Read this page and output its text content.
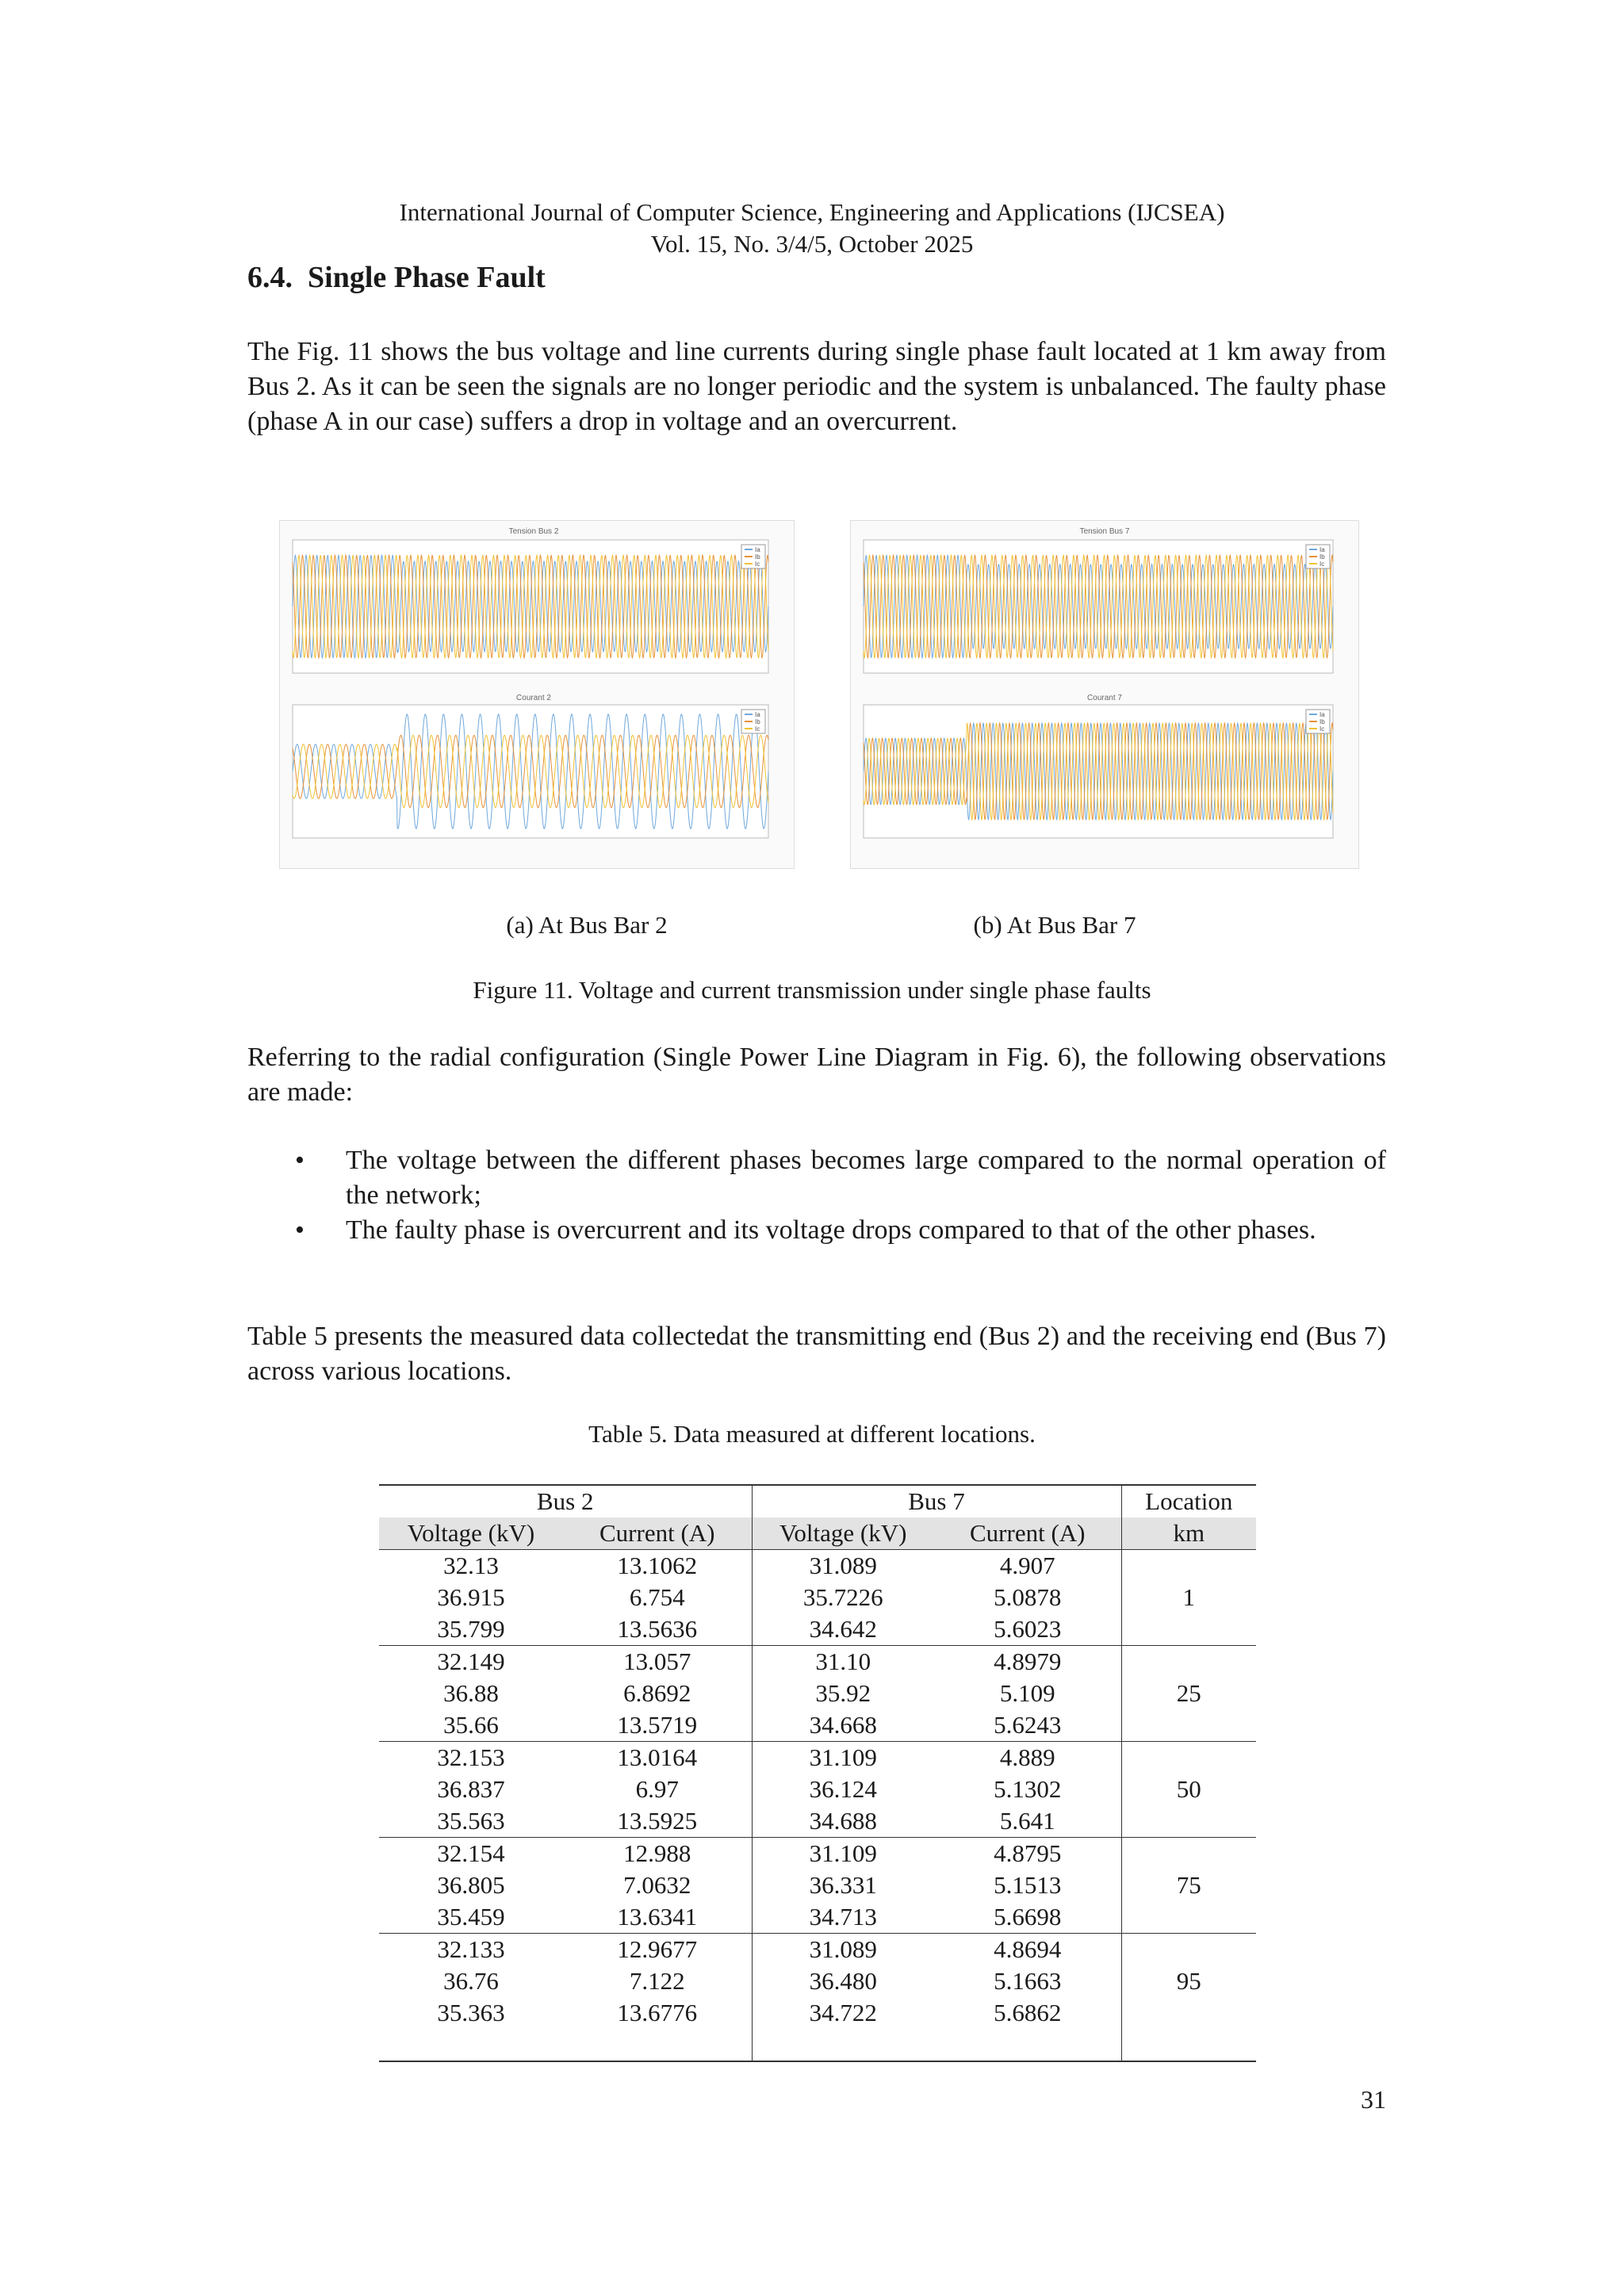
International Journal of Computer Science, Engineering and Applications (IJCSEA)
Vol. 15, No. 3/4/5, October 2025
6.4. Single Phase Fault

The Fig. 11 shows the bus voltage and line currents during single phase fault located at 1 km away from Bus 2. As it can be seen the signals are no longer periodic and the system is unbalanced. The faulty phase (phase A in our case) suffers a drop in voltage and an overcurrent.

Tension Bus 2
Ia
Ib
Ic
Courant 2
Ia
Ib
Ic
Tension Bus 7
Ia
Ib
Ic
Courant 7
Ia
Ib
Ic
(a) At Bus Bar 2	(b) At Bus Bar 7
Figure 11. Voltage and current transmission under single phase faults

Referring to the radial configuration (Single Power Line Diagram in Fig. 6), the following observations are made:

• The voltage between the different phases becomes large compared to the normal operation of the network;
• The faulty phase is overcurrent and its voltage drops compared to that of the other phases.

Table 5 presents the measured data collectedat the transmitting end (Bus 2) and the receiving end (Bus 7) across various locations.

Table 5. Data measured at different locations.
Bus 2		Bus 7		Location
Voltage (kV)	Current (A)	Voltage (kV)	Current (A)	km
32.13	13.1062	31.089	4.907	1
36.915	6.754	35.7226	5.0878	
35.799	13.5636	34.642	5.6023	
32.149	13.057	31.10	4.8979	25
36.88	6.8692	35.92	5.109	
35.66	13.5719	34.668	5.6243	
32.153	13.0164	31.109	4.889	50
36.837	6.97	36.124	5.1302	
35.563	13.5925	34.688	5.641	
32.154	12.988	31.109	4.8795	75
36.805	7.0632	36.331	5.1513	
35.459	13.6341	34.713	5.6698	
32.133	12.9677	31.089	4.8694	95
36.76	7.122	36.480	5.1663	
35.363	13.6776	34.722	5.6862	

31
